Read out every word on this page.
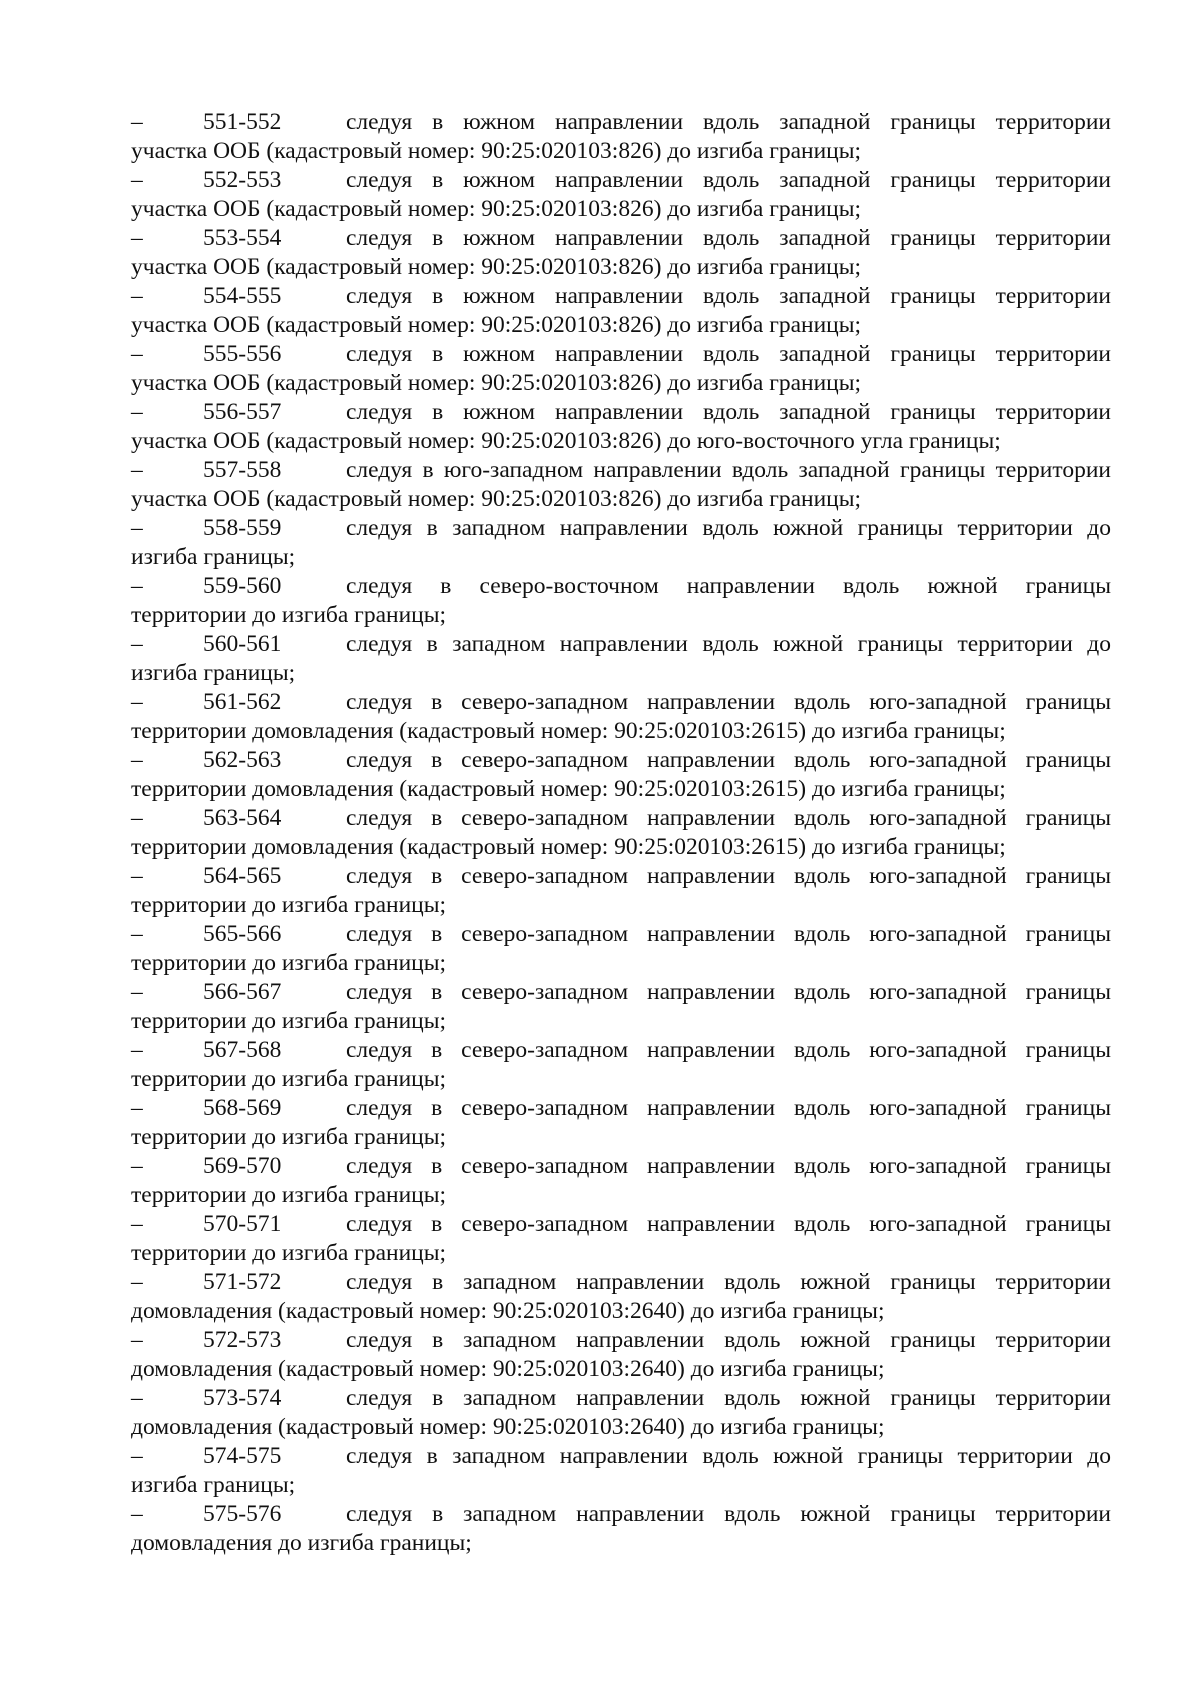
–	551-552	следуя в южном направлении вдоль западной границы территории
участка ООБ (кадастровый номер: 90:25:020103:826) до изгиба границы;
–	552-553	следуя в южном направлении вдоль западной границы территории
участка ООБ (кадастровый номер: 90:25:020103:826) до изгиба границы;
–	553-554	следуя в южном направлении вдоль западной границы территории
участка ООБ (кадастровый номер: 90:25:020103:826) до изгиба границы;
–	554-555	следуя в южном направлении вдоль западной границы территории
участка ООБ (кадастровый номер: 90:25:020103:826) до изгиба границы;
–	555-556	следуя в южном направлении вдоль западной границы территории
участка ООБ (кадастровый номер: 90:25:020103:826) до изгиба границы;
–	556-557	следуя в южном направлении вдоль западной границы территории
участка ООБ (кадастровый номер: 90:25:020103:826) до юго-восточного угла границы;
–	557-558	следуя в юго-западном направлении вдоль западной границы территории
участка ООБ (кадастровый номер: 90:25:020103:826) до изгиба границы;
–	558-559	следуя в западном направлении вдоль южной границы территории до
изгиба границы;
–	559-560	следуя в северо-восточном направлении вдоль южной границы
территории до изгиба границы;
–	560-561	следуя в западном направлении вдоль южной границы территории до
изгиба границы;
–	561-562	следуя в северо-западном направлении вдоль юго-западной границы
территории домовладения (кадастровый номер: 90:25:020103:2615) до изгиба границы;
–	562-563	следуя в северо-западном направлении вдоль юго-западной границы
территории домовладения (кадастровый номер: 90:25:020103:2615) до изгиба границы;
–	563-564	следуя в северо-западном направлении вдоль юго-западной границы
территории домовладения (кадастровый номер: 90:25:020103:2615) до изгиба границы;
–	564-565	следуя в северо-западном направлении вдоль юго-западной границы
территории до изгиба границы;
–	565-566	следуя в северо-западном направлении вдоль юго-западной границы
территории до изгиба границы;
–	566-567	следуя в северо-западном направлении вдоль юго-западной границы
территории до изгиба границы;
–	567-568	следуя в северо-западном направлении вдоль юго-западной границы
территории до изгиба границы;
–	568-569	следуя в северо-западном направлении вдоль юго-западной границы
территории до изгиба границы;
–	569-570	следуя в северо-западном направлении вдоль юго-западной границы
территории до изгиба границы;
–	570-571	следуя в северо-западном направлении вдоль юго-западной границы
территории до изгиба границы;
–	571-572	следуя в западном направлении вдоль южной границы территории
домовладения (кадастровый номер: 90:25:020103:2640) до изгиба границы;
–	572-573	следуя в западном направлении вдоль южной границы территории
домовладения (кадастровый номер: 90:25:020103:2640) до изгиба границы;
–	573-574	следуя в западном направлении вдоль южной границы территории
домовладения (кадастровый номер: 90:25:020103:2640) до изгиба границы;
–	574-575	следуя в западном направлении вдоль южной границы территории до
изгиба границы;
–	575-576	следуя в западном направлении вдоль южной границы территории
домовладения до изгиба границы;
